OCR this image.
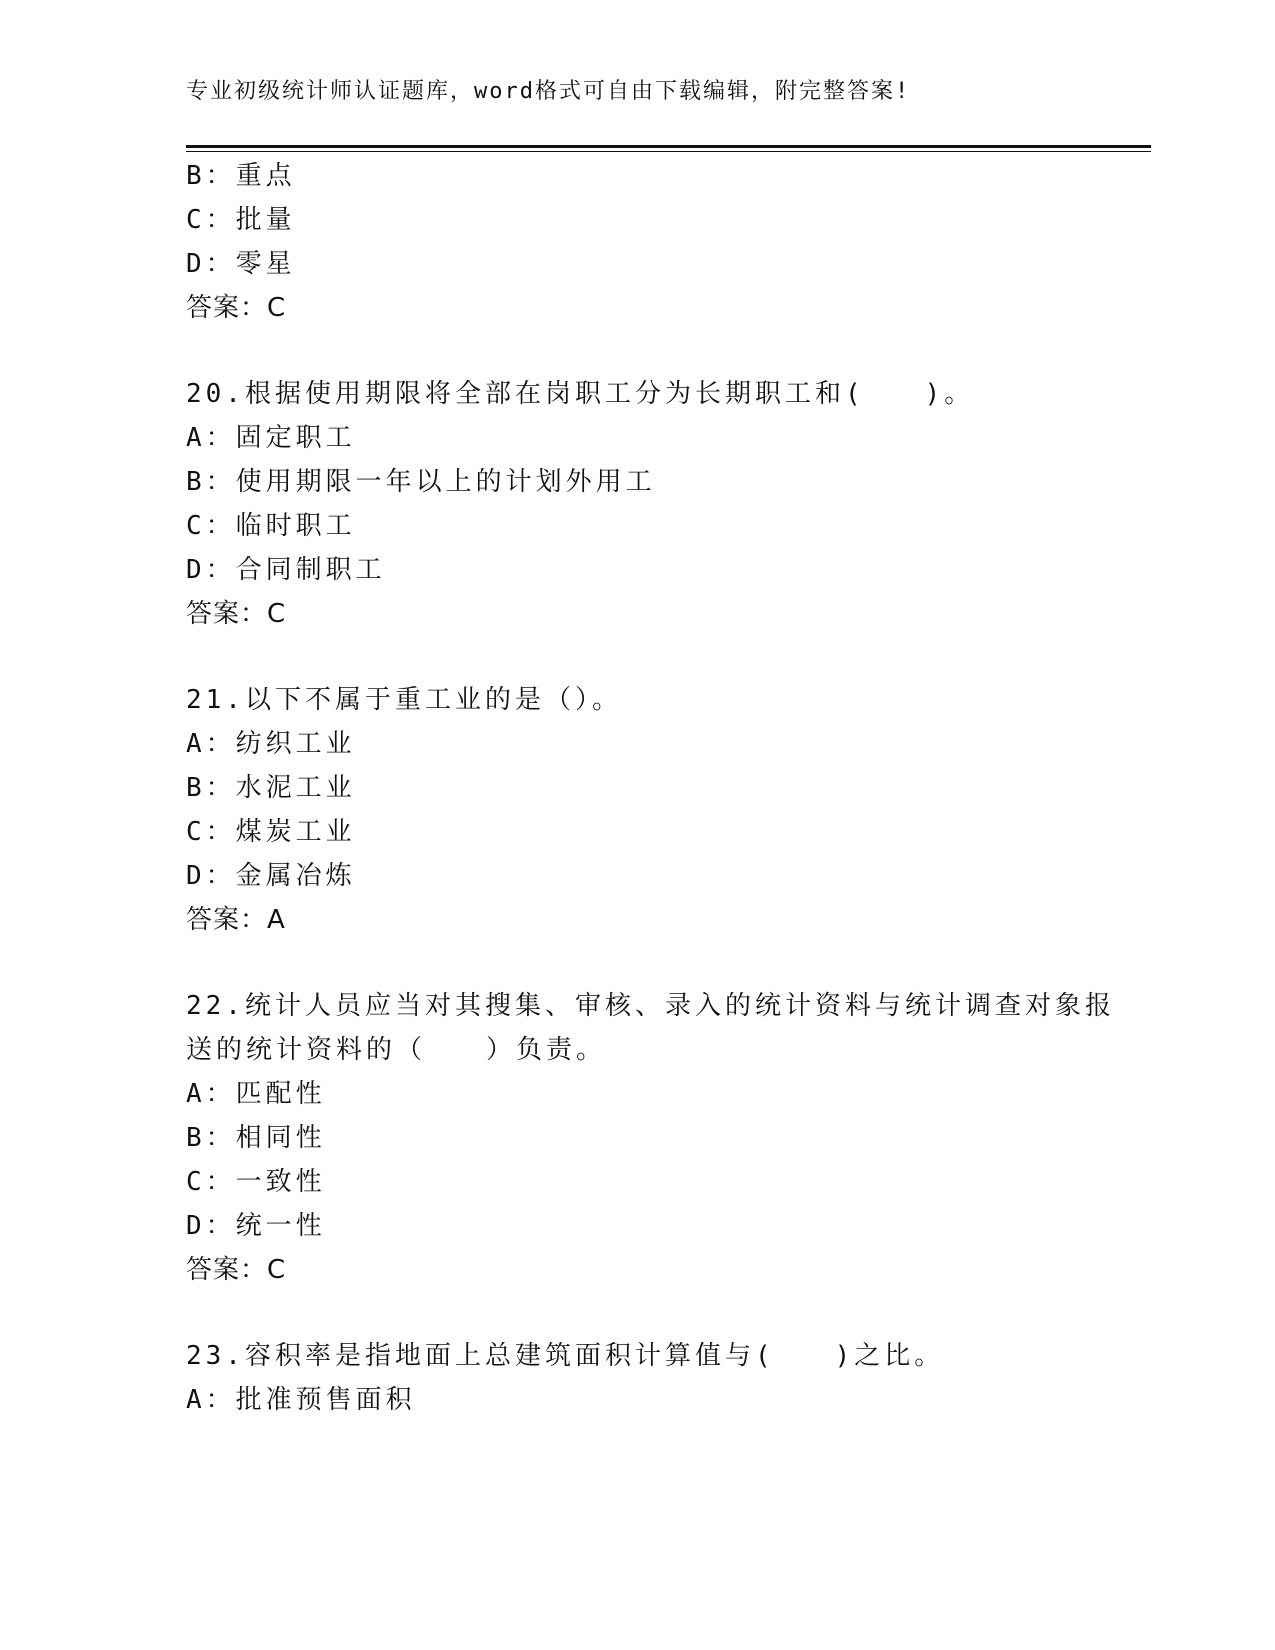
专业初级统计师认证题库，word格式可自由下载编辑，附完整答案!
B：重点
C：批量
D：零星
答案：C
20.根据使用期限将全部在岗职工分为长期职工和(　　)。
A：固定职工
B：使用期限一年以上的计划外用工
C：临时职工
D：合同制职工
答案：C
21.以下不属于重工业的是（）。
A：纺织工业
B：水泥工业
C：煤炭工业
D：金属冶炼
答案：A
22.统计人员应当对其搜集、审核、录入的统计资料与统计调查对象报
送的统计资料的（　　）负责。
A：匹配性
B：相同性
C：一致性
D：统一性
答案：C
23.容积率是指地面上总建筑面积计算值与(　　)之比。
A：批准预售面积
